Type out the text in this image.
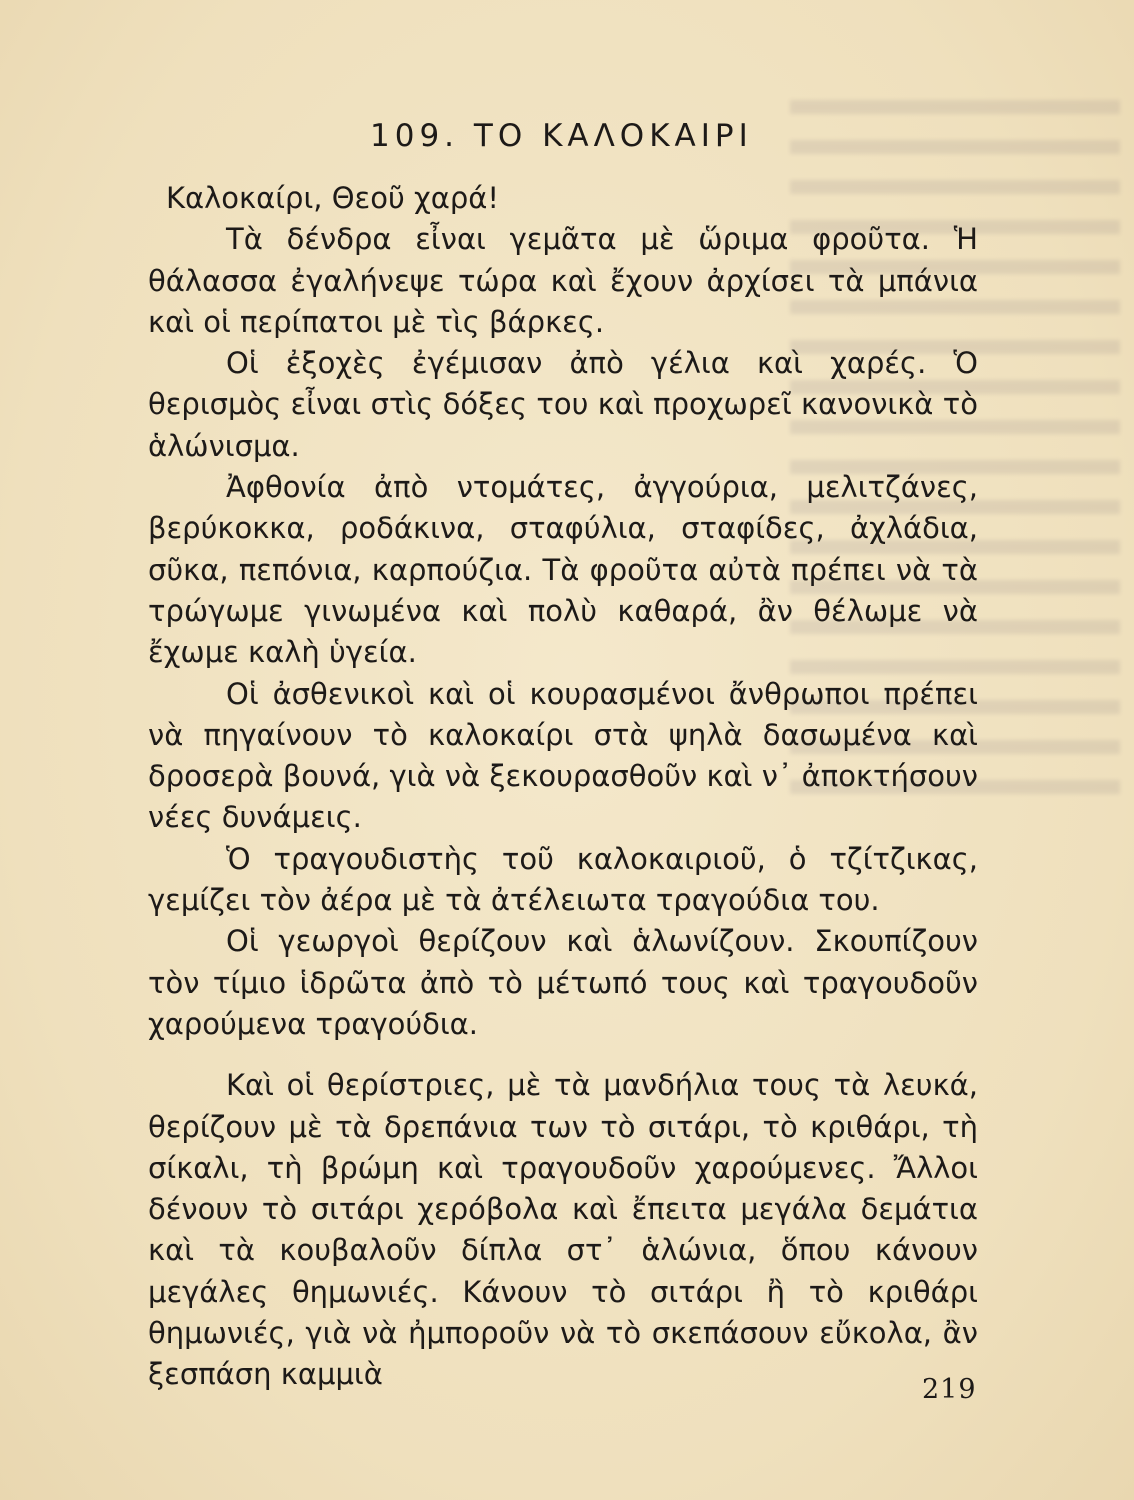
109. ΤΟ ΚΑΛΟΚΑΙΡΙ

Καλοκαίρι, Θεοῦ χαρά!

Τὰ δένδρα εἶναι γεμᾶτα μὲ ὥριμα φροῦτα. Ἡ θάλασσα ἐγαλήνεψε τώρα καὶ ἔχουν ἀρχίσει τὰ μπάνια καὶ οἱ περίπατοι μὲ τὶς βάρκες.

Οἱ ἐξοχὲς ἐγέμισαν ἀπὸ γέλια καὶ χαρές. Ὁ θερισμὸς εἶναι στὶς δόξες του καὶ προχωρεῖ κανονικὰ τὸ ἁλώνισμα.

Ἀφθονία ἀπὸ ντομάτες, ἀγγούρια, μελιτζάνες, βερύκοκκα, ροδάκινα, σταφύλια, σταφίδες, ἀχλάδια, σῦκα, πεπόνια, καρπούζια. Τὰ φροῦτα αὐτὰ πρέπει νὰ τὰ τρώγωμε γινωμένα καὶ πολὺ καθαρά, ἂν θέλωμε νὰ ἔχωμε καλὴ ὑγεία.

Οἱ ἀσθενικοὶ καὶ οἱ κουρασμένοι ἄνθρωποι πρέπει νὰ πηγαίνουν τὸ καλοκαίρι στὰ ψηλὰ δασωμένα καὶ δροσερὰ βουνά, γιὰ νὰ ξεκουρασθοῦν καὶ ν᾽ ἀποκτήσουν νέες δυνάμεις.

Ὁ τραγουδιστὴς τοῦ καλοκαιριοῦ, ὁ τζίτζικας, γεμίζει τὸν ἀέρα μὲ τὰ ἀτέλειωτα τραγούδια του.

Οἱ γεωργοὶ θερίζουν καὶ ἁλωνίζουν. Σκουπίζουν τὸν τίμιο ἱδρῶτα ἀπὸ τὸ μέτωπό τους καὶ τραγουδοῦν χαρούμενα τραγούδια.

Καὶ οἱ θερίστριες, μὲ τὰ μανδήλια τους τὰ λευκά, θερίζουν μὲ τὰ δρεπάνια των τὸ σιτάρι, τὸ κριθάρι, τὴ σίκαλι, τὴ βρώμη καὶ τραγουδοῦν χαρούμενες. Ἄλλοι δένουν τὸ σιτάρι χερόβολα καὶ ἔπειτα μεγάλα δεμάτια καὶ τὰ κουβαλοῦν δίπλα στ᾽ ἁλώνια, ὅπου κάνουν μεγάλες θημωνιές. Κάνουν τὸ σιτάρι ἢ τὸ κριθάρι θημωνιές, γιὰ νὰ ἠμποροῦν νὰ τὸ σκεπάσουν εὔκολα, ἂν ξεσπάση καμμιὰ	219
